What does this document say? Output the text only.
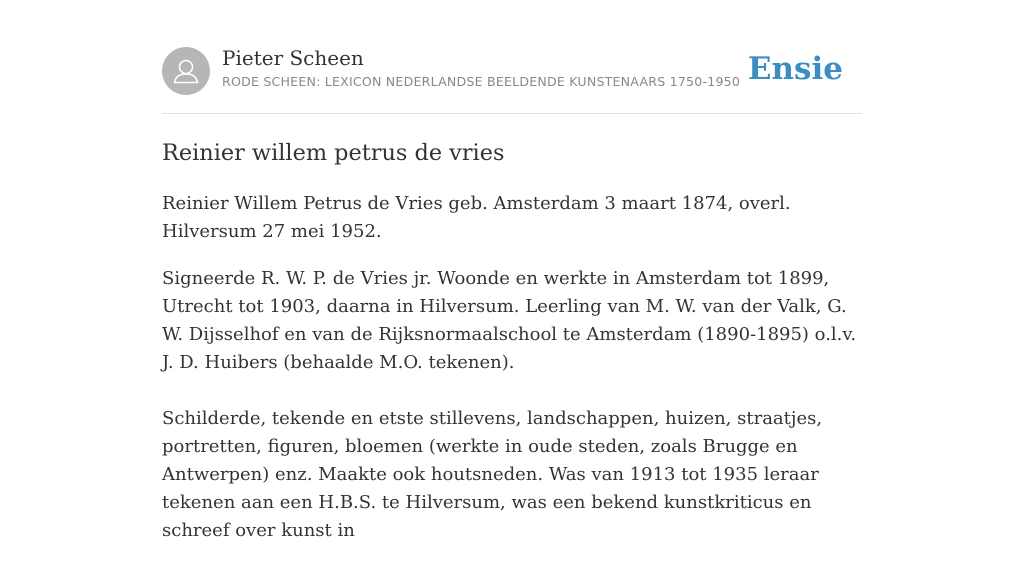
Pieter Scheen
RODE SCHEEN: LEXICON NEDERLANDSE BEELDENDE KUNSTENAARS 1750-1950 Ensie
Reinier willem petrus de vries

Reinier Willem Petrus de Vries geb. Amsterdam 3 maart 1874, overl. Hilversum 27 mei 1952.

Signeerde R. W. P. de Vries jr. Woonde en werkte in Amsterdam tot 1899, Utrecht tot 1903, daarna in Hilversum. Leerling van M. W. van der Valk, G. W. Dijsselhof en van de Rijksnormaalschool te Amsterdam (1890-1895) o.l.v. J. D. Huibers (behaalde M.O. tekenen).

Schilderde, tekende en etste stillevens, landschappen, huizen, straatjes, portretten, figuren, bloemen (werkte in oude steden, zoals Brugge en Antwerpen) enz. Maakte ook houtsneden. Was van 1913 tot 1935 leraar tekenen aan een H.B.S. te Hilversum, was een bekend kunstkriticus en schreef over kunst in
